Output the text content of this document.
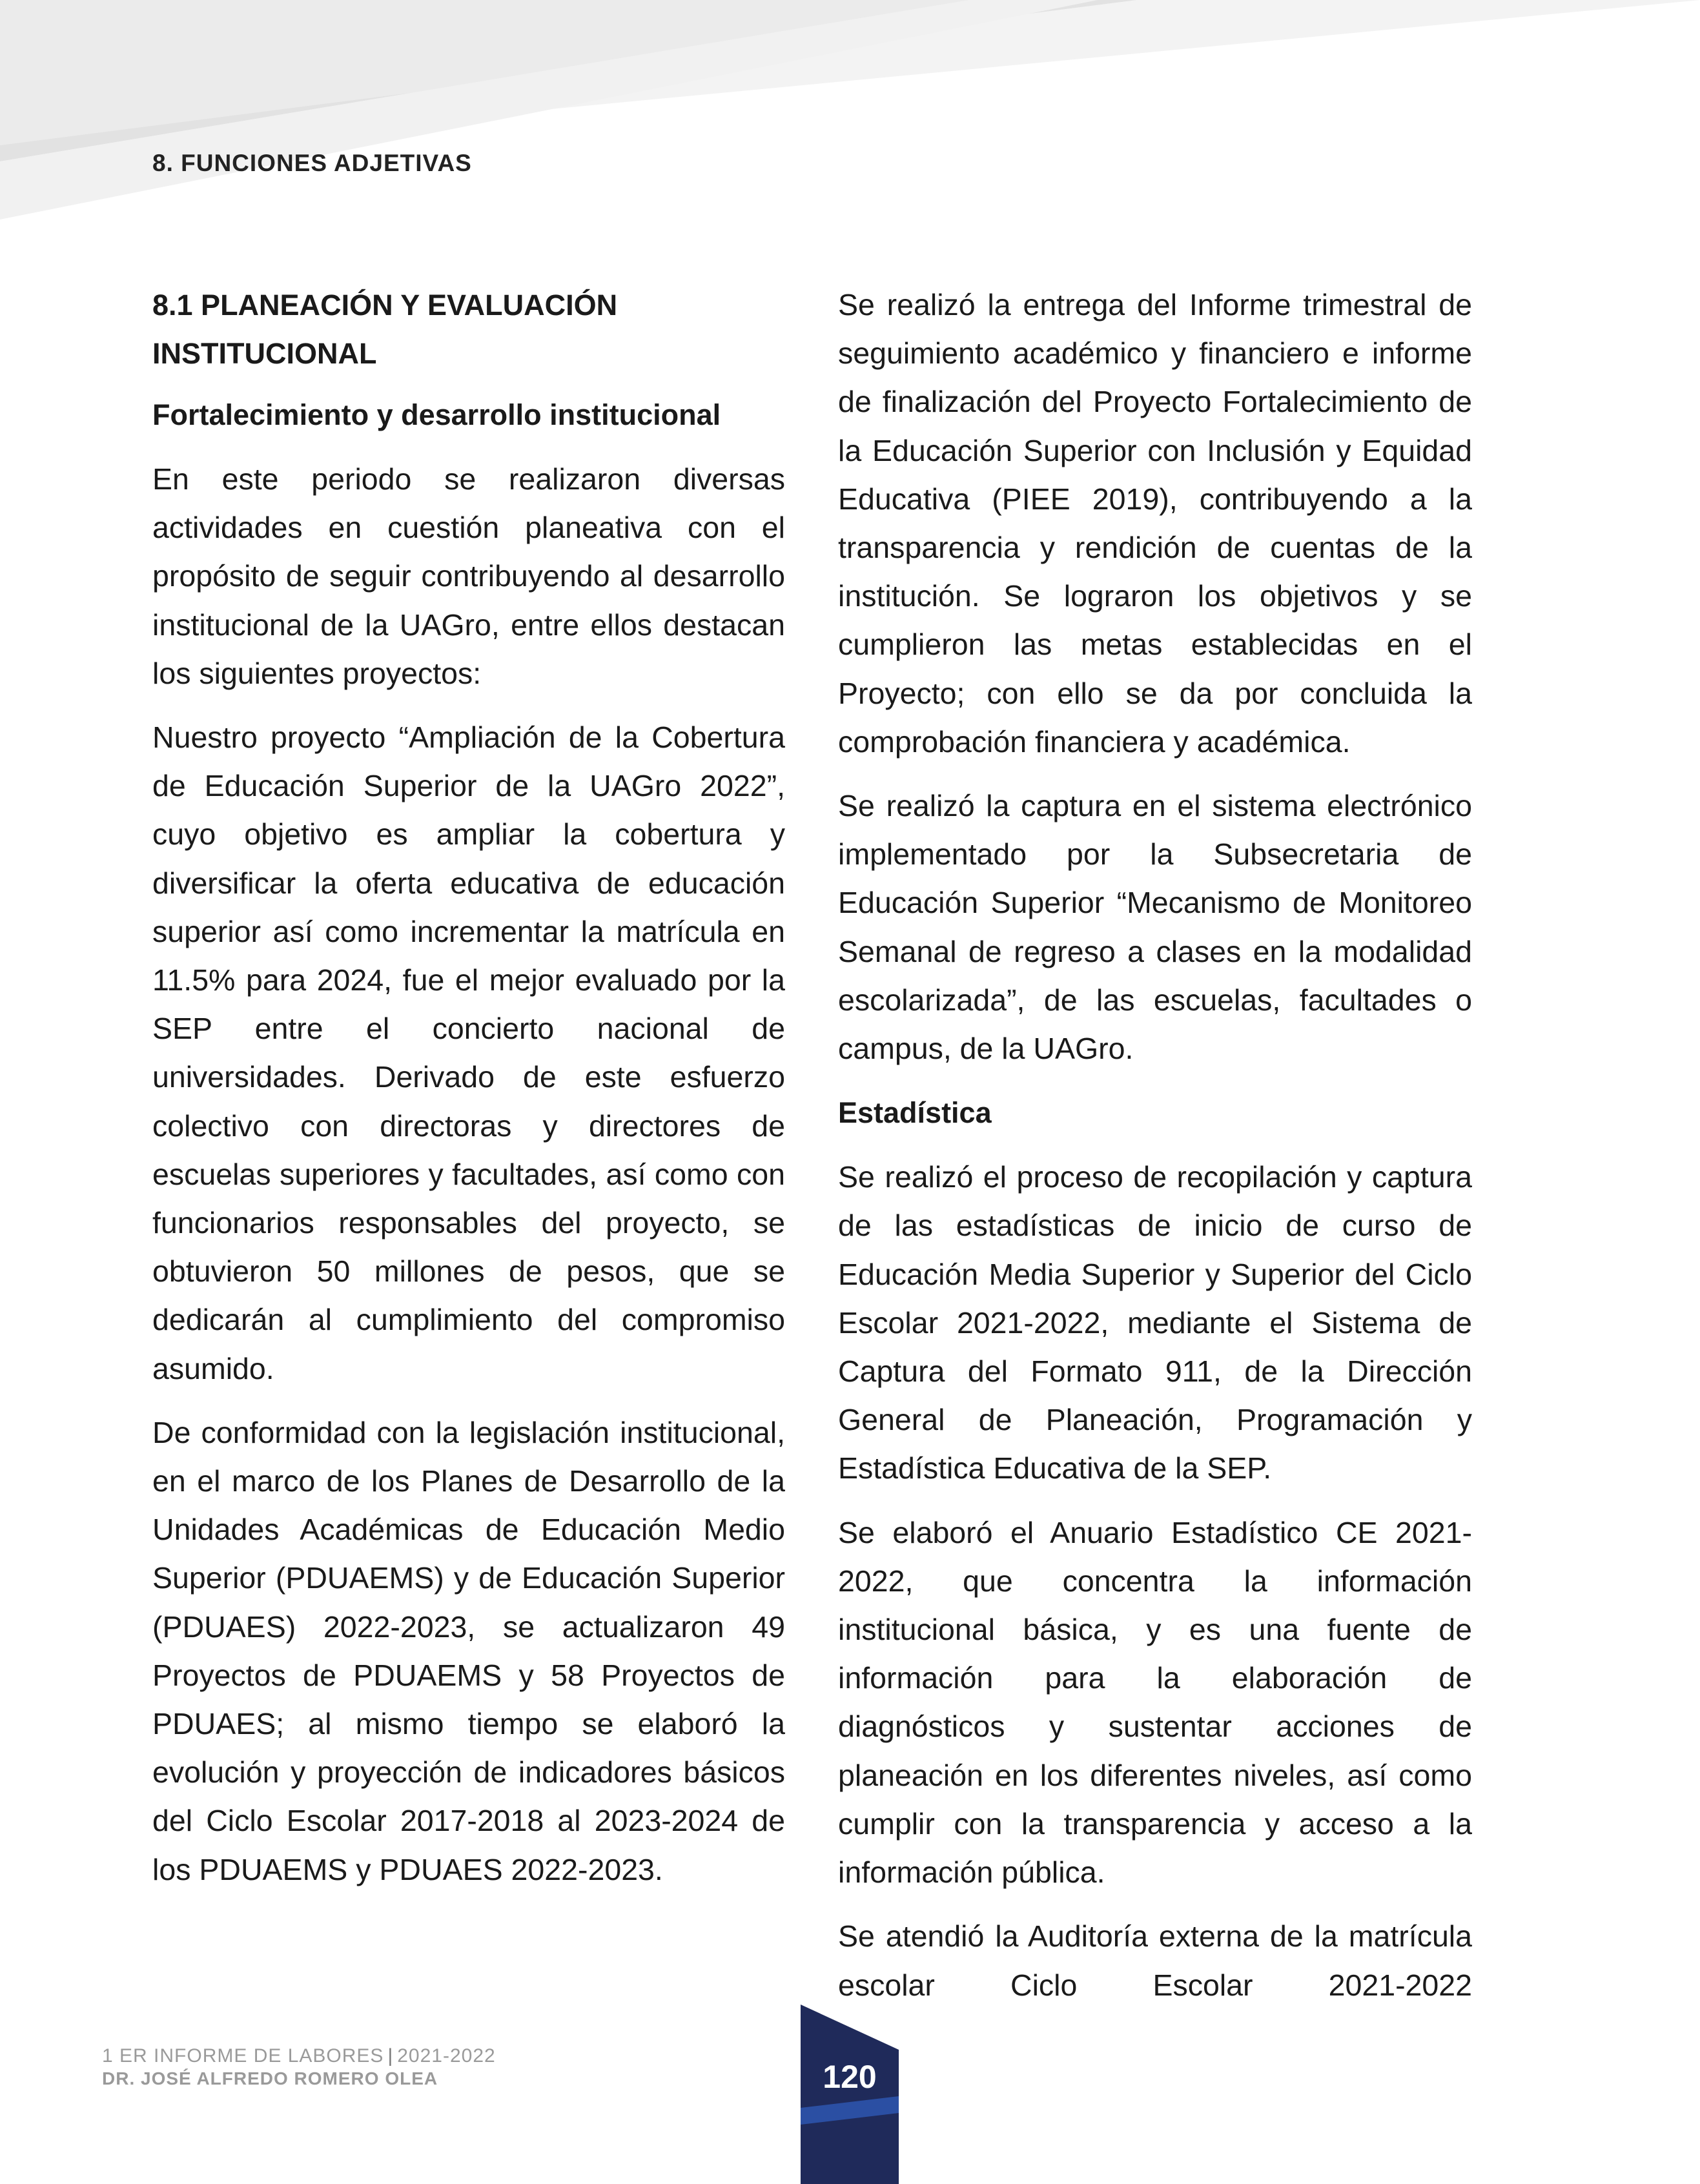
8. FUNCIONES ADJETIVAS
8.1 PLANEACIÓN Y EVALUACIÓN INSTITUCIONAL
Fortalecimiento y desarrollo institucional

En este periodo se realizaron diversas actividades en cuestión planeativa con el propósito de seguir contribuyendo al desarrollo institucional de la UAGro, entre ellos destacan los siguientes proyectos:

Nuestro proyecto “Ampliación de la Cobertura de Educación Superior de la UAGro 2022”, cuyo objetivo es ampliar la cobertura y diversificar la oferta educativa de educación superior así como incrementar la matrícula en 11.5% para 2024, fue el mejor evaluado por la SEP entre el concierto nacional de universidades. Derivado de este esfuerzo colectivo con directoras y directores de escuelas superiores y facultades, así como con funcionarios responsables del proyecto, se obtuvieron 50 millones de pesos, que se dedicarán al cumplimiento del compromiso asumido.

De conformidad con la legislación institucional, en el marco de los Planes de Desarrollo de la Unidades Académicas de Educación Medio Superior (PDUAEMS) y de Educación Superior (PDUAES) 2022-2023, se actualizaron 49 Proyectos de PDUAEMS y 58 Proyectos de PDUAES; al mismo tiempo se elaboró la evolución y proyección de indicadores básicos del Ciclo Escolar 2017-2018 al 2023-2024 de los PDUAEMS y PDUAES 2022-2023.

Se realizó la entrega del Informe trimestral de seguimiento académico y financiero e informe de finalización del Proyecto Fortalecimiento de la Educación Superior con Inclusión y Equidad Educativa (PIEE 2019), contribuyendo a la transparencia y rendición de cuentas de la institución. Se lograron los objetivos y se cumplieron las metas establecidas en el Proyecto; con ello se da por concluida la comprobación financiera y académica.

Se realizó la captura en el sistema electrónico implementado por la Subsecretaria de Educación Superior “Mecanismo de Monitoreo Semanal de regreso a clases en la modalidad escolarizada”, de las escuelas, facultades o campus, de la UAGro.

Estadística

Se realizó el proceso de recopilación y captura de las estadísticas de inicio de curso de Educación Media Superior y Superior del Ciclo Escolar 2021-2022, mediante el Sistema de Captura del Formato 911, de la Dirección General de Planeación, Programación y Estadística Educativa de la SEP.

Se elaboró el Anuario Estadístico CE 2021-2022, que concentra la información institucional básica, y es una fuente de información para la elaboración de diagnósticos y sustentar acciones de planeación en los diferentes niveles, así como cumplir con la transparencia y acceso a la información pública.

Se atendió la Auditoría externa de la matrícula escolar Ciclo Escolar 2021-2022

1 ER INFORME DE LABORES | 2021-2022
DR. JOSÉ ALFREDO ROMERO OLEA	120
